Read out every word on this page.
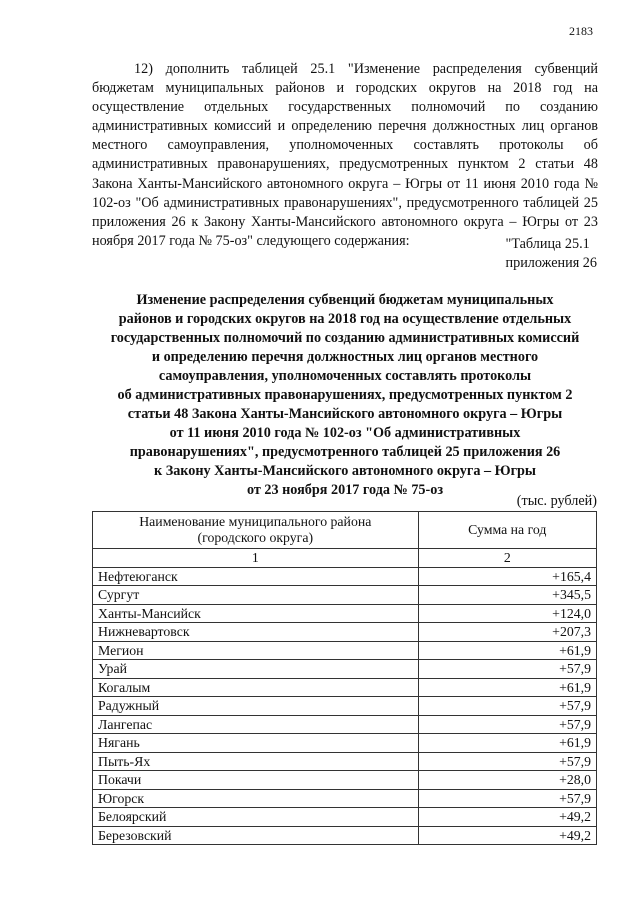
2183

12) дополнить таблицей 25.1 "Изменение распределения субвенций бюджетам муниципальных районов и городских округов на 2018 год на осуществление отдельных государственных полномочий по созданию административных комиссий и определению перечня должностных лиц органов местного самоуправления, уполномоченных составлять протоколы об административных правонарушениях, предусмотренных пунктом 2 статьи 48 Закона Ханты-Мансийского автономного округа – Югры от 11 июня 2010 года № 102-оз "Об административных правонарушениях", предусмотренного таблицей 25 приложения 26 к Закону Ханты-Мансийского автономного округа – Югры от 23 ноября 2017 года № 75-оз" следующего содержания:	"Таблица 25.1
приложения 26
Изменение распределения субвенций бюджетам муниципальных
районов и городских округов на 2018 год на осуществление отдельных
государственных полномочий по созданию административных комиссий
и определению перечня должностных лиц органов местного
самоуправления, уполномоченных составлять протоколы
об административных правонарушениях, предусмотренных пунктом 2
статьи 48 Закона Ханты-Мансийского автономного округа – Югры
от 11 июня 2010 года № 102-оз "Об административных
правонарушениях", предусмотренного таблицей 25 приложения 26
к Закону Ханты-Мансийского автономного округа – Югры
от 23 ноября 2017 года № 75-оз
(тыс. рублей)
Наименование муниципального района
(городского округа)	Сумма на год
1	2
Нефтеюганск	+165,4
Сургут	+345,5
Ханты-Мансийск	+124,0
Нижневартовск	+207,3
Мегион	+61,9
Урай	+57,9
Когалым	+61,9
Радужный	+57,9
Лангепас	+57,9
Нягань	+61,9
Пыть-Ях	+57,9
Покачи	+28,0
Югорск	+57,9
Белоярский	+49,2
Березовский	+49,2
